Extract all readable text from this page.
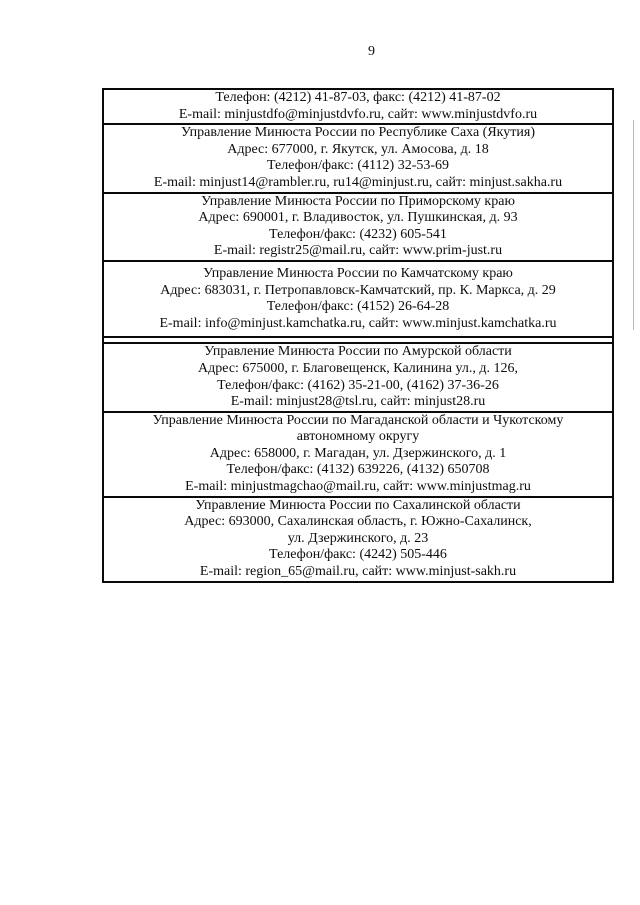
9
Телефон: (4212) 41-87-03, факс: (4212) 41-87-02
E-mail: minjustdfo@minjustdvfo.ru, сайт: www.minjustdvfo.ru
Управление Минюста России по Республике Саха (Якутия)
Адрес: 677000, г. Якутск, ул. Амосова, д. 18
Телефон/факс: (4112) 32-53-69
E-mail: minjust14@rambler.ru, ru14@minjust.ru, сайт: minjust.sakha.ru
Управление Минюста России по Приморскому краю
Адрес: 690001, г. Владивосток, ул. Пушкинская, д. 93
Телефон/факс: (4232) 605-541
E-mail: registr25@mail.ru, сайт: www.prim-just.ru
Управление Минюста России по Камчатскому краю
Адрес: 683031, г. Петропавловск-Камчатский, пр. К. Маркса, д. 29
Телефон/факс: (4152) 26-64-28
E-mail: info@minjust.kamchatka.ru, сайт: www.minjust.kamchatka.ru
Управление Минюста России по Амурской области
Адрес: 675000, г. Благовещенск, Калинина ул., д. 126,
Телефон/факс: (4162) 35-21-00, (4162) 37-36-26
E-mail: minjust28@tsl.ru, сайт: minjust28.ru
Управление Минюста России по Магаданской области и Чукотскому
автономному округу
Адрес: 658000, г. Магадан, ул. Дзержинского, д. 1
Телефон/факс: (4132) 639226, (4132) 650708
E-mail: minjustmagchao@mail.ru, сайт: www.minjustmag.ru
Управление Минюста России по Сахалинской области
Адрес: 693000, Сахалинская область, г. Южно-Сахалинск,
ул. Дзержинского, д. 23
Телефон/факс: (4242) 505-446
E-mail: region_65@mail.ru, сайт: www.minjust-sakh.ru
